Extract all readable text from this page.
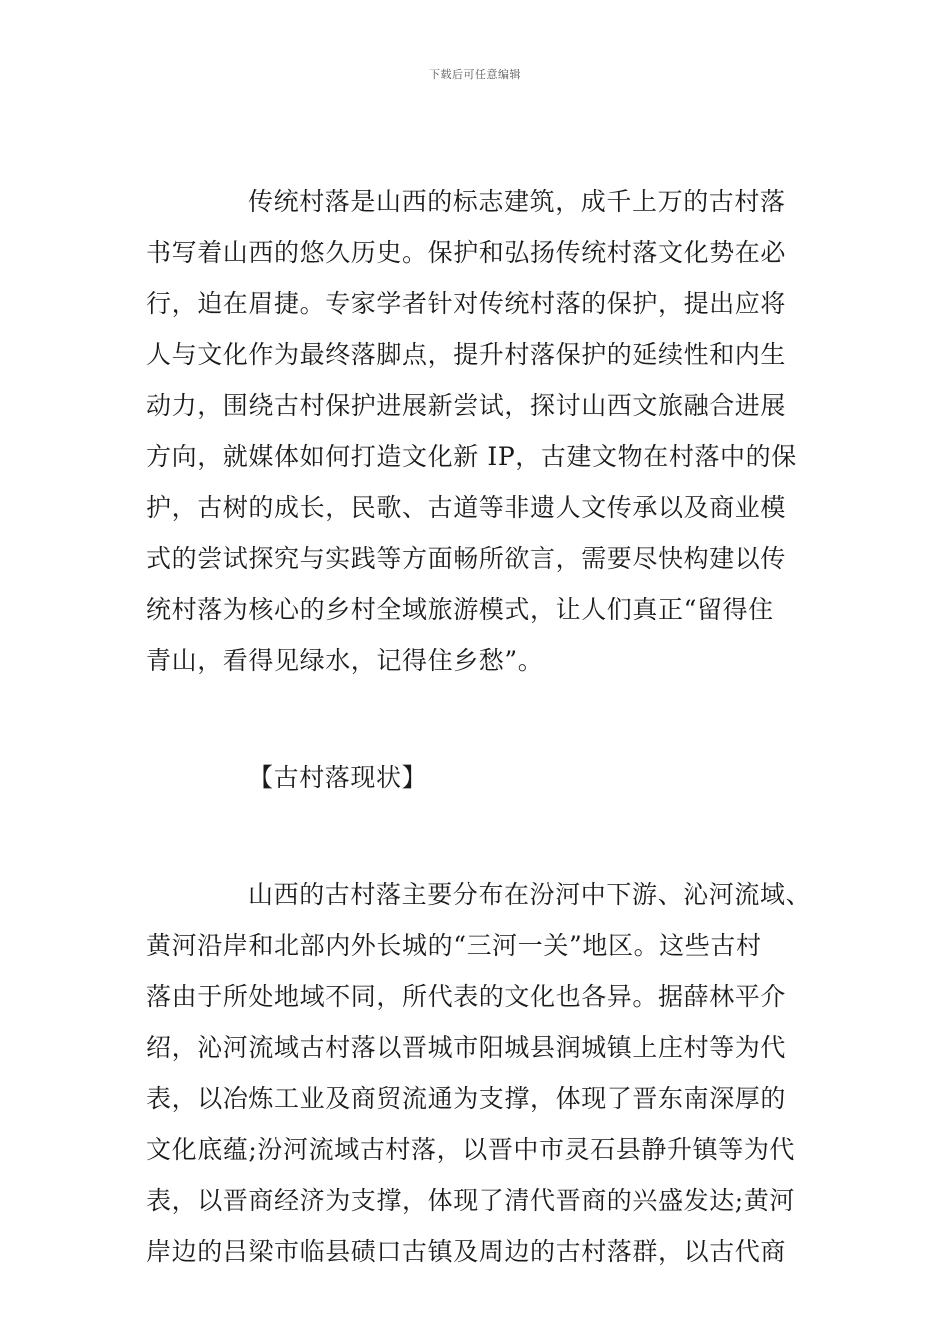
下载后可任意编辑
传统村落是山西的标志建筑，成千上万的古村落
书写着山西的悠久历史。保护和弘扬传统村落文化势在必
行，迫在眉捷。专家学者针对传统村落的保护，提出应将
人与文化作为最终落脚点，提升村落保护的延续性和内生
动力，围绕古村保护进展新尝试，探讨山西文旅融合进展
方向，就媒体如何打造文化新 IP，古建文物在村落中的保
护，古树的成长，民歌、古道等非遗人文传承以及商业模
式的尝试探究与实践等方面畅所欲言，需要尽快构建以传
统村落为核心的乡村全域旅游模式，让人们真正“留得住
青山，看得见绿水，记得住乡愁”。
【古村落现状】
山西的古村落主要分布在汾河中下游、沁河流域、
黄河沿岸和北部内外长城的“三河一关”地区。这些古村
落由于所处地域不同，所代表的文化也各异。据薛林平介
绍，沁河流域古村落以晋城市阳城县润城镇上庄村等为代
表，以冶炼工业及商贸流通为支撑，体现了晋东南深厚的
文化底蕴;汾河流域古村落，以晋中市灵石县静升镇等为代
表，以晋商经济为支撑，体现了清代晋商的兴盛发达;黄河
岸边的吕梁市临县碛口古镇及周边的古村落群，以古代商
